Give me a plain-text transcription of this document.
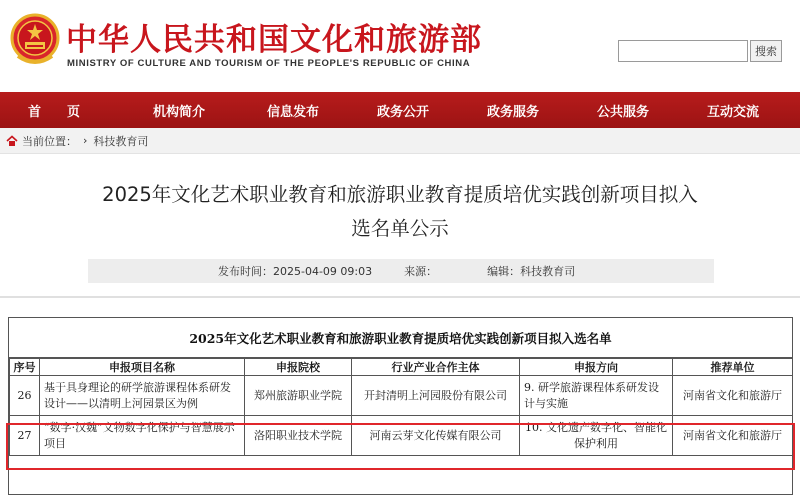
中华人民共和国文化和旅游部
MINISTRY OF CULTURE AND TOURISM OF THE PEOPLE'S REPUBLIC OF CHINA
搜索
首　　页	机构简介	信息发布	政务公开	政务服务	公共服务	互动交流
当前位置： › 科技教育司
2025年文化艺术职业教育和旅游职业教育提质培优实践创新项目拟入
选名单公示
发布时间：2025-04-09 09:03	来源：	编辑：科技教育司
2025年文化艺术职业教育和旅游职业教育提质培优实践创新项目拟入选名单
序号	申报项目名称	申报院校	行业产业合作主体	申报方向	推荐单位
26	基于具身理论的研学旅游课程体系研发设计——以清明上河园景区为例	郑州旅游职业学院	开封清明上河园股份有限公司	9. 研学旅游课程体系研发设计与实施	河南省文化和旅游厅
27	“数字·汉魏”文物数字化保护与智慧展示项目	洛阳职业技术学院	河南云芽文化传媒有限公司	10. 文化遗产数字化、智能化保护利用	河南省文化和旅游厅
